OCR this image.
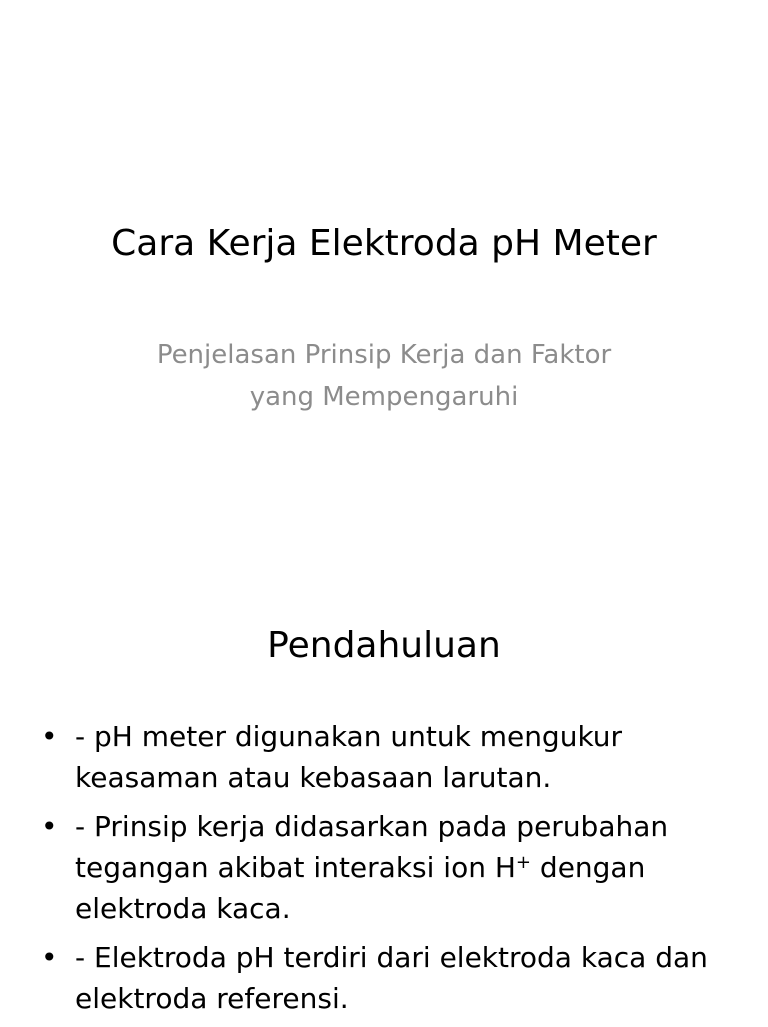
Cara Kerja Elektroda pH Meter

Penjelasan Prinsip Kerja dan Faktor
yang Mempengaruhi

Pendahuluan
• - pH meter digunakan untuk mengukur
keasaman atau kebasaan larutan.
• - Prinsip kerja didasarkan pada perubahan
tegangan akibat interaksi ion H+ dengan
elektroda kaca.
• - Elektroda pH terdiri dari elektroda kaca dan
elektroda referensi.
